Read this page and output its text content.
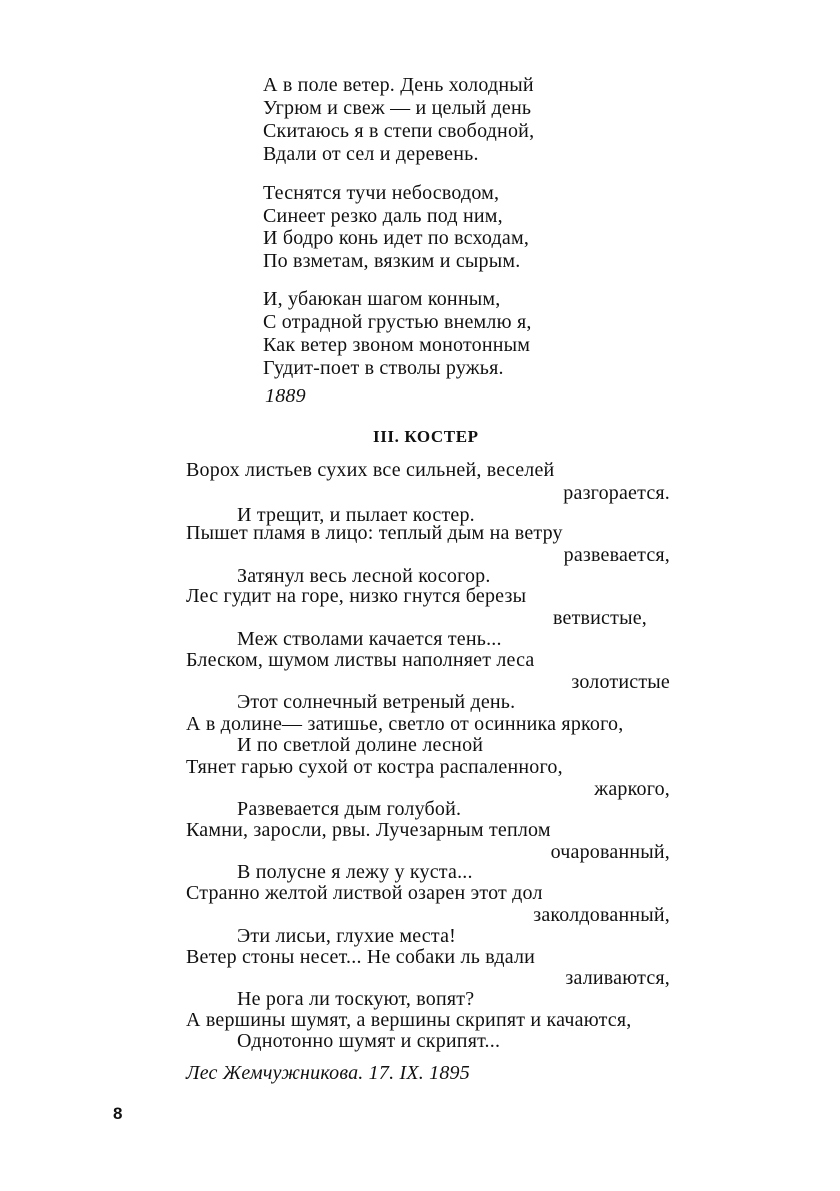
А в поле ветер. День холодный
Угрюм и свеж — и целый день
Скитаюсь я в степи свободной,
Вдали от сел и деревень.
Теснятся тучи небосводом,
Синеет резко даль под ним,
И бодро конь идет по всходам,
По взметам, вязким и сырым.
И, убаюкан шагом конным,
С отрадной грустью внемлю я,
Как ветер звоном монотонным
Гудит-поет в стволы ружья.
1889
III. КОСТЕР
Ворох листьев сухих все сильней, веселей
разгорается.
И трещит, и пылает костер.
Пышет пламя в лицо: теплый дым на ветру
развевается,
Затянул весь лесной косогор.
Лес гудит на горе, низко гнутся березы
ветвистые,
Меж стволами качается тень...
Блеском, шумом листвы наполняет леса
золотистые
Этот солнечный ветреный день.
А в долине— затишье, светло от осинника яркого,
И по светлой долине лесной
Тянет гарью сухой от костра распаленного,
жаркого,
Развевается дым голубой.
Камни, заросли, рвы. Лучезарным теплом
очарованный,
В полусне я лежу у куста...
Странно желтой листвой озарен этот дол
заколдованный,
Эти лисьи, глухие места!
Ветер стоны несет... Не собаки ль вдали
заливаются,
Не рога ли тоскуют, вопят?
А вершины шумят, а вершины скрипят и качаются,
Однотонно шумят и скрипят...
Лес Жемчужникова. 17. IX. 1895
8
